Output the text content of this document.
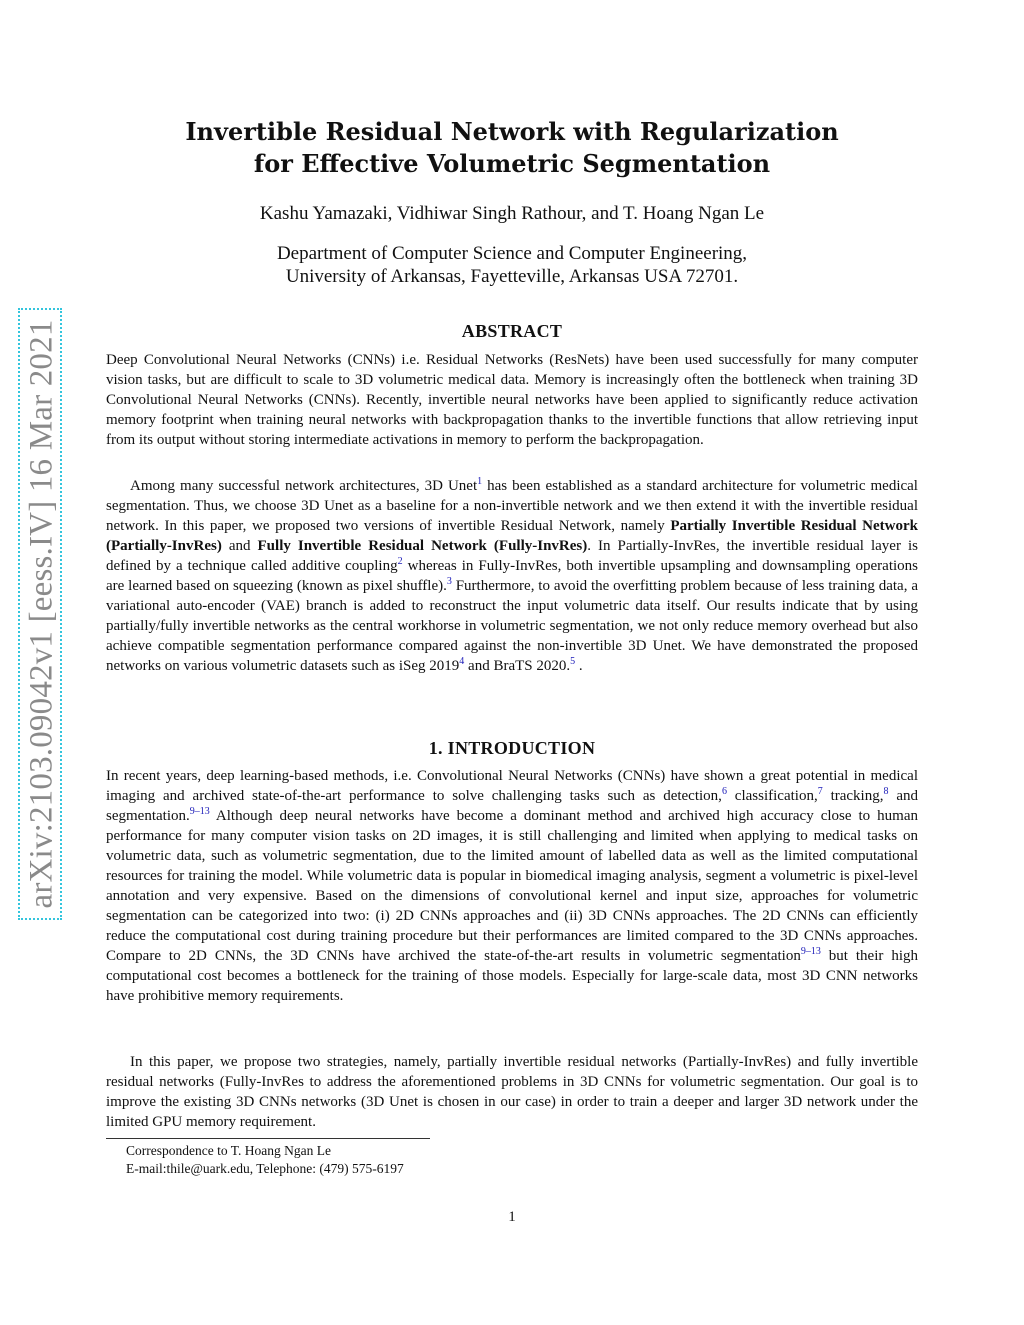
arXiv:2103.09042v1 [eess.IV] 16 Mar 2021
Invertible Residual Network with Regularization
for Effective Volumetric Segmentation
Kashu Yamazaki, Vidhiwar Singh Rathour, and T. Hoang Ngan Le
Department of Computer Science and Computer Engineering,
University of Arkansas, Fayetteville, Arkansas USA 72701.
ABSTRACT
Deep Convolutional Neural Networks (CNNs) i.e. Residual Networks (ResNets) have been used successfully for many computer vision tasks, but are difficult to scale to 3D volumetric medical data. Memory is increasingly often the bottleneck when training 3D Convolutional Neural Networks (CNNs). Recently, invertible neural networks have been applied to significantly reduce activation memory footprint when training neural networks with backpropagation thanks to the invertible functions that allow retrieving input from its output without storing intermediate activations in memory to perform the backpropagation.
Among many successful network architectures, 3D Unet$^1$ has been established as a standard architecture for volumetric medical segmentation. Thus, we choose 3D Unet as a baseline for a non-invertible network and we then extend it with the invertible residual network. In this paper, we proposed two versions of invertible Residual Network, namely Partially Invertible Residual Network (Partially-InvRes) and Fully Invertible Residual Network (Fully-InvRes). In Partially-InvRes, the invertible residual layer is defined by a technique called additive coupling$^2$ whereas in Fully-InvRes, both invertible upsampling and downsampling operations are learned based on squeezing (known as pixel shuffle).$^3$ Furthermore, to avoid the overfitting problem because of less training data, a variational auto-encoder (VAE) branch is added to reconstruct the input volumetric data itself. Our results indicate that by using partially/fully invertible networks as the central workhorse in volumetric segmentation, we not only reduce memory overhead but also achieve compatible segmentation performance compared against the non-invertible 3D Unet. We have demonstrated the proposed networks on various volumetric datasets such as iSeg 2019$^4$ and BraTS 2020.$^5$ .
1. INTRODUCTION
In recent years, deep learning-based methods, i.e. Convolutional Neural Networks (CNNs) have shown a great potential in medical imaging and archived state-of-the-art performance to solve challenging tasks such as detection,$^6$ classification,$^7$ tracking,$^8$ and segmentation.$^{9-13}$ Although deep neural networks have become a dominant method and archived high accuracy close to human performance for many computer vision tasks on 2D images, it is still challenging and limited when applying to medical tasks on volumetric data, such as volumetric segmentation, due to the limited amount of labelled data as well as the limited computational resources for training the model. While volumetric data is popular in biomedical imaging analysis, segment a volumetric is pixel-level annotation and very expensive. Based on the dimensions of convolutional kernel and input size, approaches for volumetric segmentation can be categorized into two: (i) 2D CNNs approaches and (ii) 3D CNNs approaches. The 2D CNNs can efficiently reduce the computational cost during training procedure but their performances are limited compared to the 3D CNNs approaches. Compare to 2D CNNs, the 3D CNNs have archived the state-of-the-art results in volumetric segmentation$^{9-13}$ but their high computational cost becomes a bottleneck for the training of those models. Especially for large-scale data, most 3D CNN networks have prohibitive memory requirements.
In this paper, we propose two strategies, namely, partially invertible residual networks (Partially-InvRes) and fully invertible residual networks (Fully-InvRes to address the aforementioned problems in 3D CNNs for volumetric segmentation. Our goal is to improve the existing 3D CNNs networks (3D Unet is chosen in our case) in order to train a deeper and larger 3D network under the limited GPU memory requirement.
Correspondence to T. Hoang Ngan Le
E-mail:thile@uark.edu, Telephone: (479) 575-6197
1
